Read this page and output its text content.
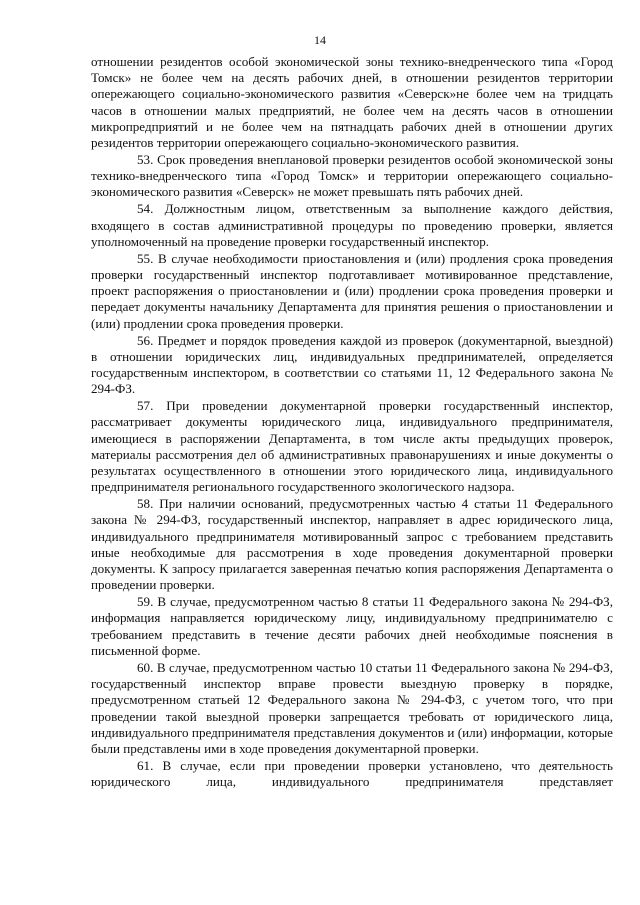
14

отношении резидентов особой экономической зоны технико-внедренческого типа «Город Томск» не более чем на десять рабочих дней, в отношении резидентов территории опережающего социально-экономического развития «Северск»не более чем на тридцать часов в отношении малых предприятий, не более чем на десять часов в отношении микропредприятий и не более чем на пятнадцать рабочих дней в отношении других резидентов территории опережающего социально-экономического развития.

53. Срок проведения внеплановой проверки резидентов особой экономической зоны технико-внедренческого типа «Город Томск» и территории опережающего социально-экономического развития «Северск» не может превышать пять рабочих дней.

54. Должностным лицом, ответственным за выполнение каждого действия, входящего в состав административной процедуры по проведению проверки, является уполномоченный на проведение проверки государственный инспектор.

55. В случае необходимости приостановления и (или) продления срока проведения проверки государственный инспектор подготавливает мотивированное представление, проект распоряжения о приостановлении и (или) продлении срока проведения проверки и передает документы начальнику Департамента для принятия решения о приостановлении и (или) продлении срока проведения проверки.

56. Предмет и порядок проведения каждой из проверок (документарной, выездной) в отношении юридических лиц, индивидуальных предпринимателей, определяется государственным инспектором, в соответствии со статьями 11, 12 Федерального закона № 294-ФЗ.

57. При проведении документарной проверки государственный инспектор, рассматривает документы юридического лица, индивидуального предпринимателя, имеющиеся в распоряжении Департамента, в том числе акты предыдущих проверок, материалы рассмотрения дел об административных правонарушениях и иные документы о результатах осуществленного в отношении этого юридического лица, индивидуального предпринимателя регионального государственного экологического надзора.

58. При наличии оснований, предусмотренных частью 4 статьи 11 Федерального закона № 294-ФЗ, государственный инспектор, направляет в адрес юридического лица, индивидуального предпринимателя мотивированный запрос с требованием представить иные необходимые для рассмотрения в ходе проведения документарной проверки документы. К запросу прилагается заверенная печатью копия распоряжения Департамента о проведении проверки.

59. В случае, предусмотренном частью 8 статьи 11 Федерального закона № 294-ФЗ, информация направляется юридическому лицу, индивидуальному предпринимателю с требованием представить в течение десяти рабочих дней необходимые пояснения в письменной форме.

60. В случае, предусмотренном частью 10 статьи 11 Федерального закона № 294-ФЗ, государственный инспектор вправе провести выездную проверку в порядке, предусмотренном статьей 12 Федерального закона № 294-ФЗ, с учетом того, что при проведении такой выездной проверки запрещается требовать от юридического лица, индивидуального предпринимателя представления документов и (или) информации, которые были представлены ими в ходе проведения документарной проверки.

61. В случае, если при проведении проверки установлено, что деятельность юридического лица, индивидуального предпринимателя представляет
